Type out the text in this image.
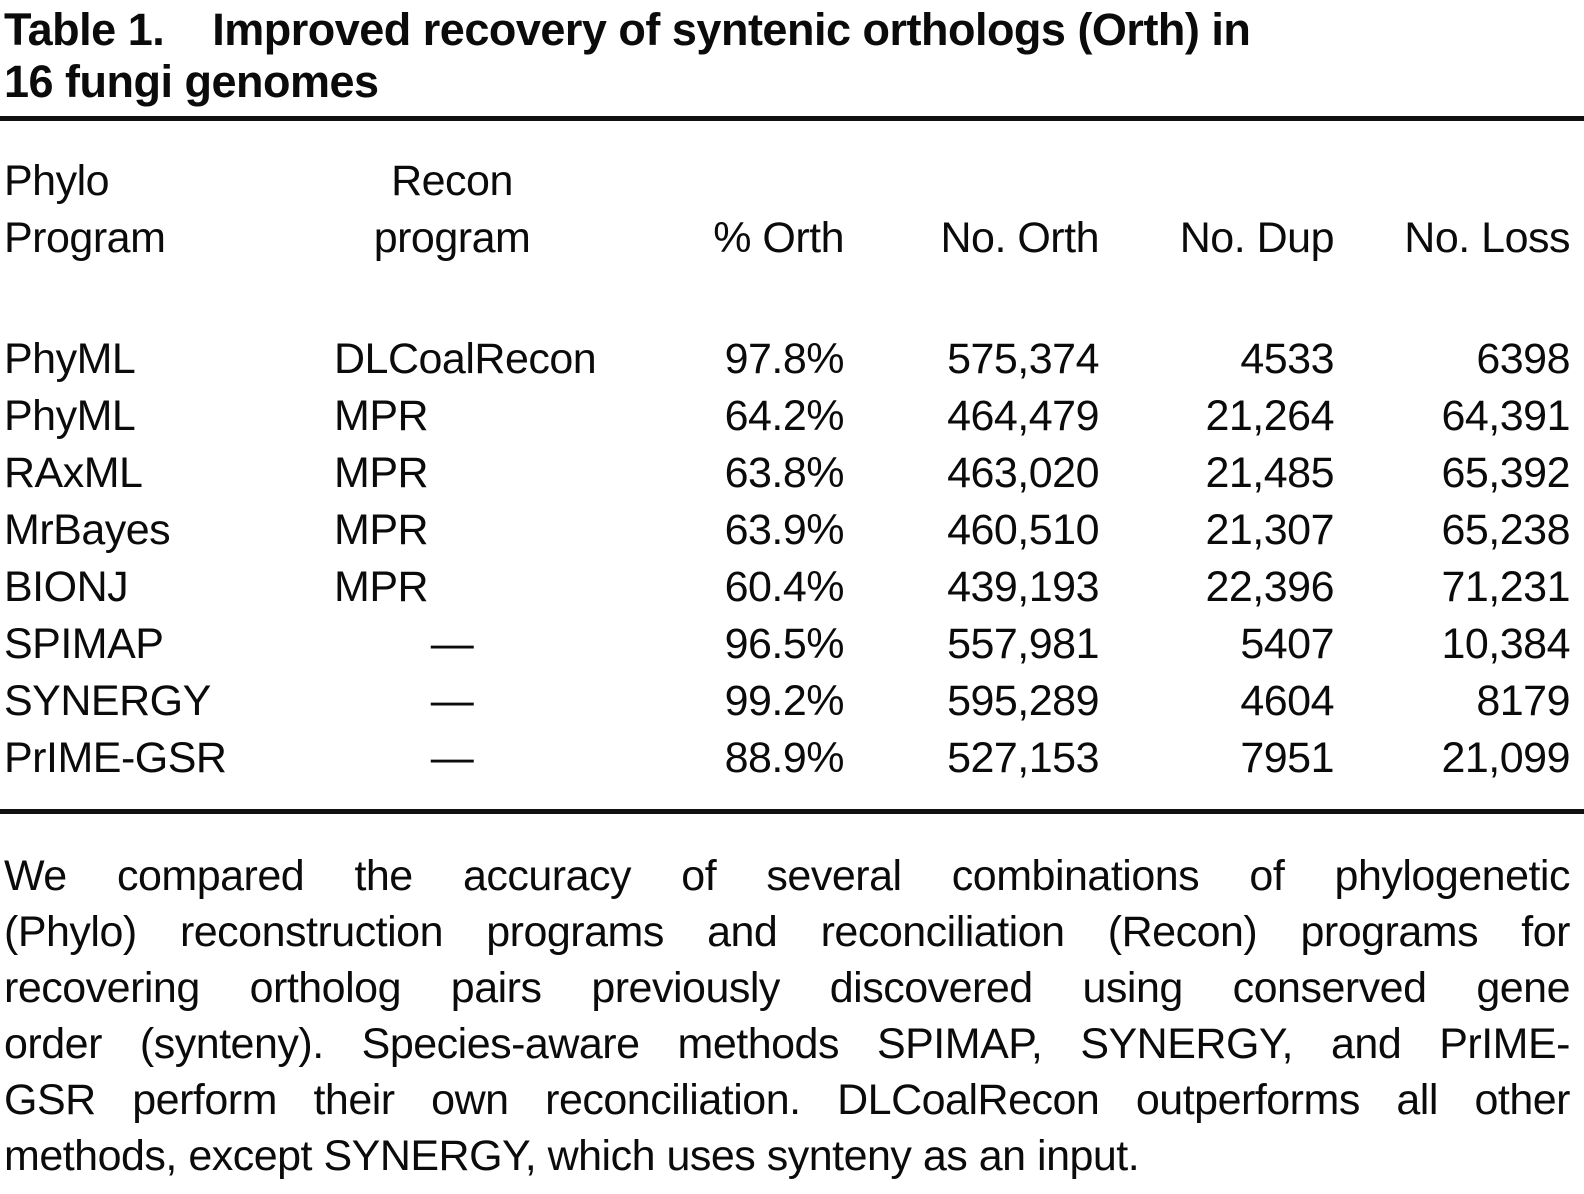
Table 1. Improved recovery of syntenic orthologs (Orth) in
16 fungi genomes
Phylo	Recon				
Program	program	% Orth	No. Orth	No. Dup	No. Loss
PhyML	DLCoalRecon	97.8%	575,374	4533	6398
PhyML	MPR	64.2%	464,479	21,264	64,391
RAxML	MPR	63.8%	463,020	21,485	65,392
MrBayes	MPR	63.9%	460,510	21,307	65,238
BIONJ	MPR	60.4%	439,193	22,396	71,231
SPIMAP	—	96.5%	557,981	5407	10,384
SYNERGY	—	99.2%	595,289	4604	8179
PrIME-GSR	—	88.9%	527,153	7951	21,099
We compared the accuracy of several combinations of phylogenetic
(Phylo) reconstruction programs and reconciliation (Recon) programs for
recovering ortholog pairs previously discovered using conserved gene
order (synteny). Species-aware methods SPIMAP, SYNERGY, and PrIME-
GSR perform their own reconciliation. DLCoalRecon outperforms all other
methods, except SYNERGY, which uses synteny as an input.
